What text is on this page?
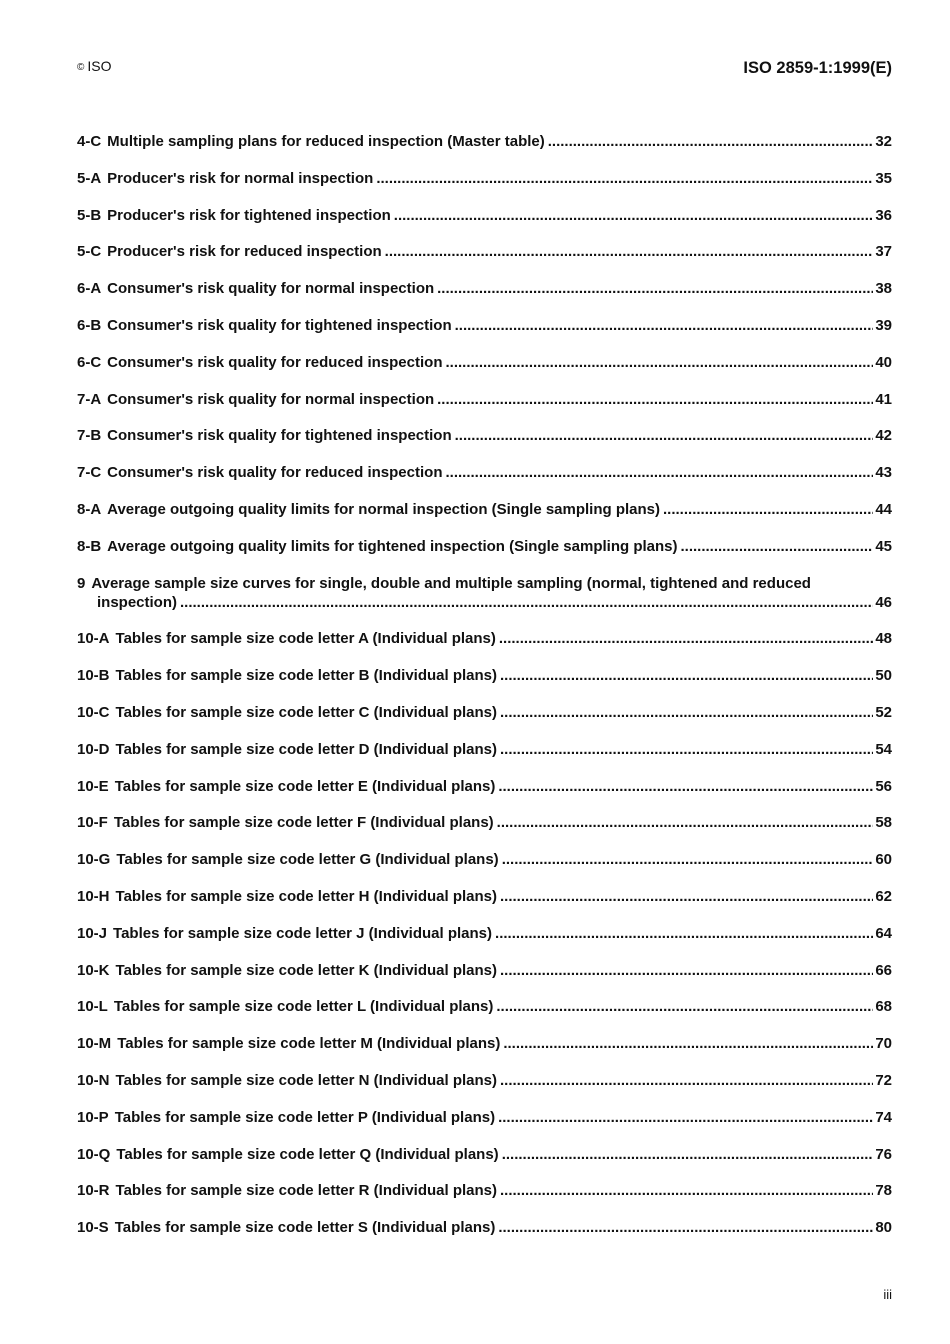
© ISO	ISO 2859-1:1999(E)
4-C Multiple sampling plans for reduced inspection (Master table) .....	32
5-A Producer's risk for normal inspection .....	35
5-B Producer's risk for tightened inspection .....	36
5-C Producer's risk for reduced inspection .....	37
6-A Consumer's risk quality for normal inspection .....	38
6-B Consumer's risk quality for tightened inspection .....	39
6-C Consumer's risk quality for reduced inspection .....	40
7-A Consumer's risk quality for normal inspection .....	41
7-B Consumer's risk quality for tightened inspection .....	42
7-C Consumer's risk quality for reduced inspection .....	43
8-A Average outgoing quality limits for normal inspection (Single sampling plans) .....	44
8-B Average outgoing quality limits for tightened inspection (Single sampling plans) .....	45
9 Average sample size curves for single, double and multiple sampling (normal, tightened and reduced
inspection) .....	46
10-A Tables for sample size code letter A (Individual plans) .....	48
10-B Tables for sample size code letter B (Individual plans) .....	50
10-C Tables for sample size code letter C (Individual plans) .....	52
10-D Tables for sample size code letter D (Individual plans) .....	54
10-E Tables for sample size code letter E (Individual plans) .....	56
10-F Tables for sample size code letter F (Individual plans) .....	58
10-G Tables for sample size code letter G (Individual plans) .....	60
10-H Tables for sample size code letter H (Individual plans) .....	62
10-J Tables for sample size code letter J (Individual plans) .....	64
10-K Tables for sample size code letter K (Individual plans) .....	66
10-L Tables for sample size code letter L (Individual plans) .....	68
10-M Tables for sample size code letter M (Individual plans) .....	70
10-N Tables for sample size code letter N (Individual plans) .....	72
10-P Tables for sample size code letter P (Individual plans) .....	74
10-Q Tables for sample size code letter Q (Individual plans) .....	76
10-R Tables for sample size code letter R (Individual plans) .....	78
10-S Tables for sample size code letter S (Individual plans) .....	80
iii
